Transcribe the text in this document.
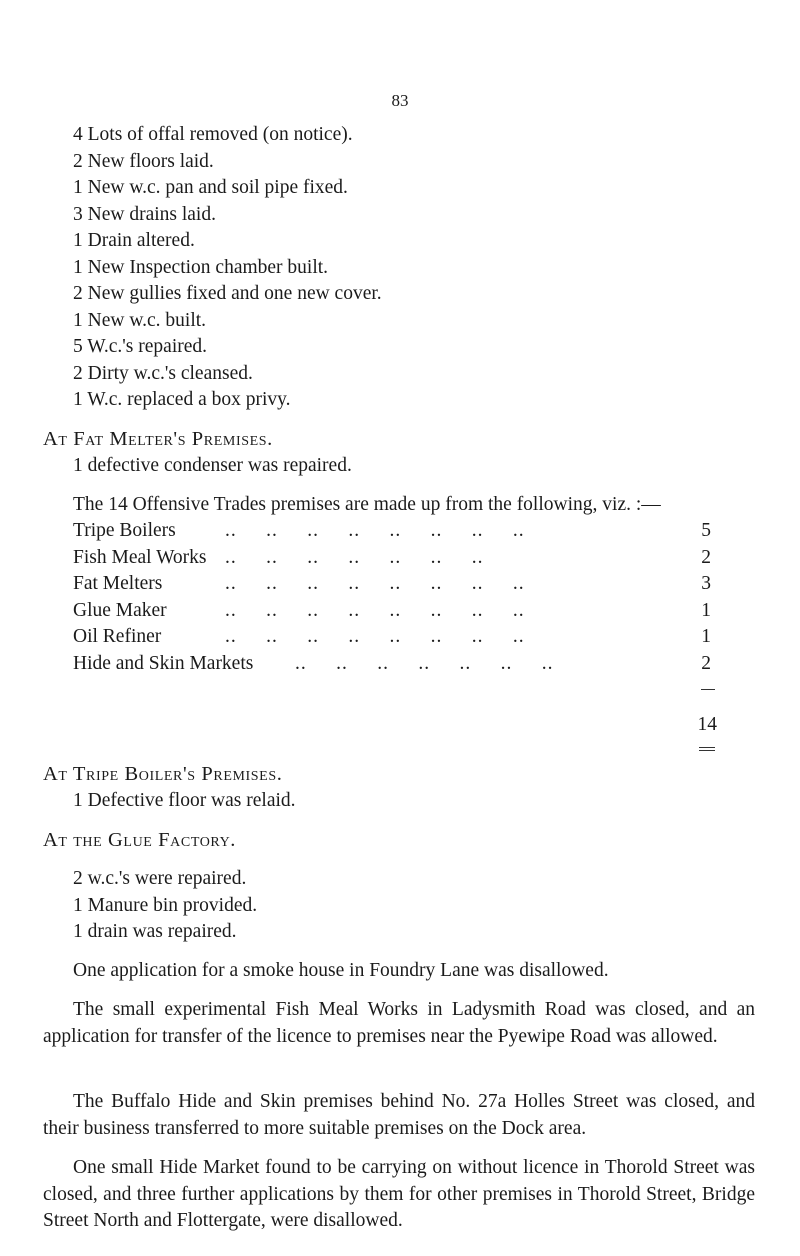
83
4 Lots of offal removed (on notice).
2 New floors laid.
1 New w.c. pan and soil pipe fixed.
3 New drains laid.
1 Drain altered.
1 New Inspection chamber built.
2 New gullies fixed and one new cover.
1 New w.c. built.
5 W.c.'s repaired.
2 Dirty w.c.'s cleansed.
1 W.c. replaced a box privy.
At Fat Melter's Premises.
1 defective condenser was repaired.
The 14 Offensive Trades premises are made up from the following, viz. :—
..     ..     ..     ..     ..     ..     ..     ..
Tripe Boilers	5
..     ..     ..     ..     ..     ..     ..
Fish Meal Works	2
..     ..     ..     ..     ..     ..     ..     ..
Fat Melters	3
..     ..     ..     ..     ..     ..     ..     ..
Glue Maker	1
..     ..     ..     ..     ..     ..     ..     ..
Oil Refiner	1
..     ..     ..     ..     ..     ..     ..
Hide and Skin Markets	2
14
At Tripe Boiler's Premises.
1 Defective floor was relaid.
At the Glue Factory.
2 w.c.'s were repaired.
1 Manure bin provided.
1 drain was repaired.

One application for a smoke house in Foundry Lane was disallowed.

The small experimental Fish Meal Works in Ladysmith Road was closed, and an application for transfer of the licence to premises near the Pyewipe Road was allowed.

The Buffalo Hide and Skin premises behind No. 27a Holles Street was closed, and their business transferred to more suitable premises on the Dock area.

One small Hide Market found to be carrying on without licence in Thorold Street was closed, and three further applications by them for other premises in Thorold Street, Bridge Street North and Flottergate, were disallowed.
